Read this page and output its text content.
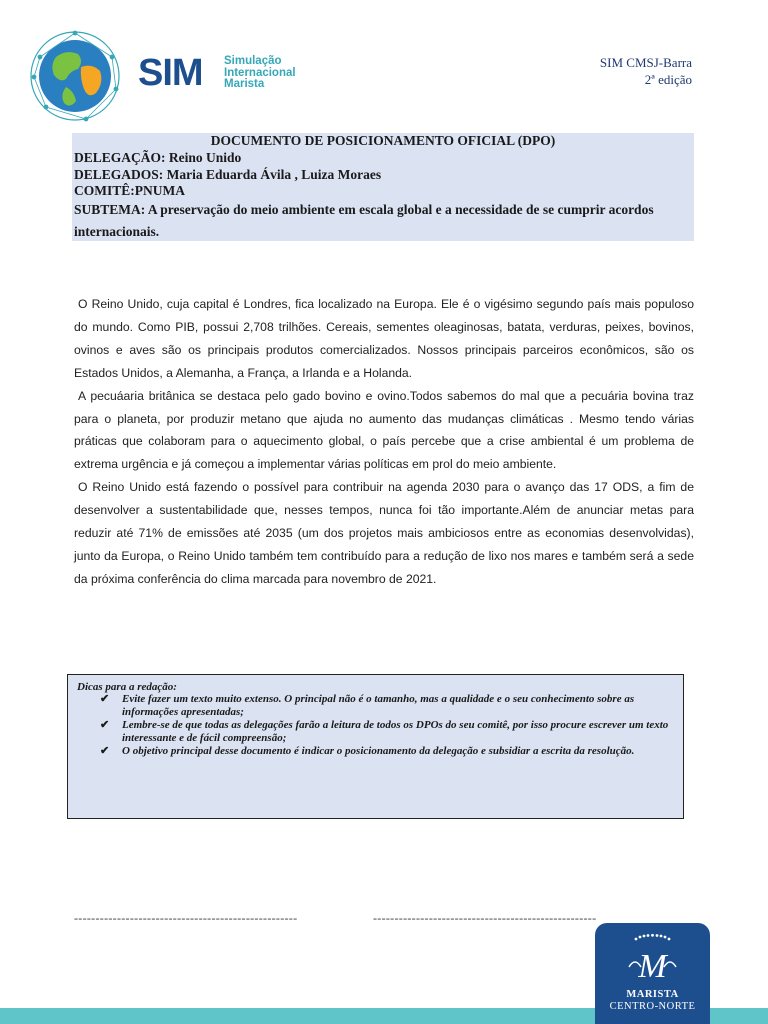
SIM Simulação
Internacional
Marista
SIM CMSJ-Barra
2ª edição
DOCUMENTO DE POSICIONAMENTO OFICIAL (DPO)
DELEGAÇÃO: Reino Unido
DELEGADOS: Maria Eduarda Ávila , Luiza Moraes
COMITÊ:PNUMA
SUBTEMA: A preservação do meio ambiente em escala global e a necessidade de se cumprir acordos internacionais.

O Reino Unido, cuja capital é Londres, fica localizado na Europa. Ele é o vigésimo segundo país mais populoso do mundo. Como PIB, possui 2,708 trilhões. Cereais, sementes oleaginosas, batata, verduras, peixes, bovinos, ovinos e aves são os principais produtos comercializados. Nossos principais parceiros econômicos, são os Estados Unidos, a Alemanha, a França, a Irlanda e a Holanda.

A pecuáaria britânica se destaca pelo gado bovino e ovino.Todos sabemos do mal que a pecuária bovina traz para o planeta, por produzir metano que ajuda no aumento das mudanças climáticas . Mesmo tendo várias práticas que colaboram para o aquecimento global, o país percebe que a crise ambiental é um problema de extrema urgência e já começou a implementar várias políticas em prol do meio ambiente.

O Reino Unido está fazendo o possível para contribuir na agenda 2030 para o avanço das 17 ODS, a fim de desenvolver a sustentabilidade que, nesses tempos, nunca foi tão importante.Além de anunciar metas para reduzir até 71% de emissões até 2035 (um dos projetos mais ambiciosos entre as economias desenvolvidas), junto da Europa, o Reino Unido também tem contribuído para a redução de lixo nos mares e também será a sede da próxima conferência do clima marcada para novembro de 2021.

Dicas para a redação:
✔ Evite fazer um texto muito extenso. O principal não é o tamanho, mas a qualidade e o seu conhecimento sobre as informações apresentadas;
✔ Lembre-se de que todas as delegações farão a leitura de todos os DPOs do seu comitê, por isso procure escrever um texto interessante e de fácil compreensão;
✔ O objetivo principal desse documento é indicar o posicionamento da delegação e subsidiar a escrita da resolução.
----------------------------------------------------	----------------------------------------------------
M
MARISTA
CENTRO-NORTE
